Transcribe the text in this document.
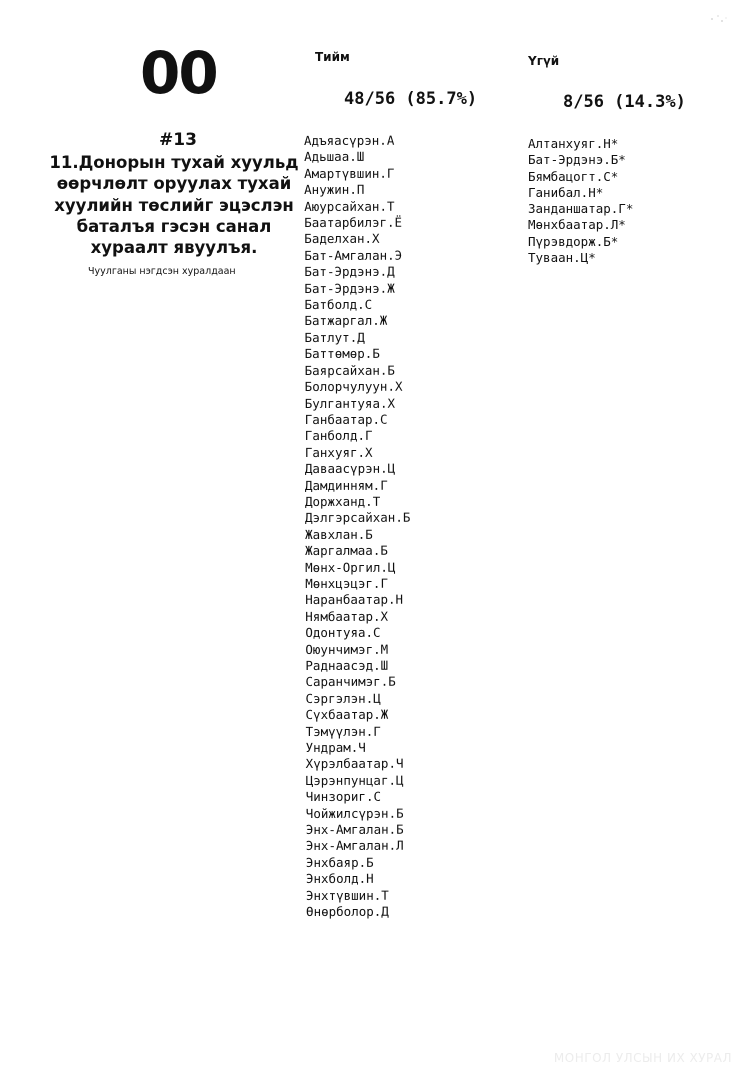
00
#13
11.Донорын тухай хуульд өөрчлөлт оруулах тухай хуулийн төслийг эцэслэн баталъя гэсэн санал хураалт явуулъя.
Чуулганы нэгдсэн хуралдаан
Тийм
48/56 (85.7%)
Адъяасүрэн.А
Адьшаа.Ш
Амартүвшин.Г
Анужин.П
Аюурсайхан.Т
Баатарбилэг.Ё
Баделхан.Х
Бат-Амгалан.Э
Бат-Эрдэнэ.Д
Бат-Эрдэнэ.Ж
Батболд.С
Батжаргал.Ж
Батлут.Д
Баттөмөр.Б
Баярсайхан.Б
Болорчулуун.Х
Булгантуяа.Х
Ганбаатар.С
Ганболд.Г
Ганхуяг.Х
Даваасүрэн.Ц
Дамдинням.Г
Доржханд.Т
Дэлгэрсайхан.Б
Жавхлан.Б
Жаргалмаа.Б
Мөнх-Оргил.Ц
Мөнхцэцэг.Г
Наранбаатар.Н
Нямбаатар.Х
Одонтуяа.С
Оюунчимэг.М
Раднаасэд.Ш
Саранчимэг.Б
Сэргэлэн.Ц
Сүхбаатар.Ж
Тэмүүлэн.Г
Ундрам.Ч
Хүрэлбаатар.Ч
Цэрэнпунцаг.Ц
Чинзориг.С
Чойжилсүрэн.Б
Энх-Амгалан.Б
Энх-Амгалан.Л
Энхбаяр.Б
Энхболд.Н
Энхтүвшин.Т
Өнөрболор.Д
Үгүй
8/56 (14.3%)
Алтанхуяг.Н*
Бат-Эрдэнэ.Б*
Бямбацогт.С*
Ганибал.Н*
Занданшатар.Г*
Мөнхбаатар.Л*
Пүрэвдорж.Б*
Туваан.Ц*
МОНГОЛ УЛСЫН ИХ ХУРАЛ
